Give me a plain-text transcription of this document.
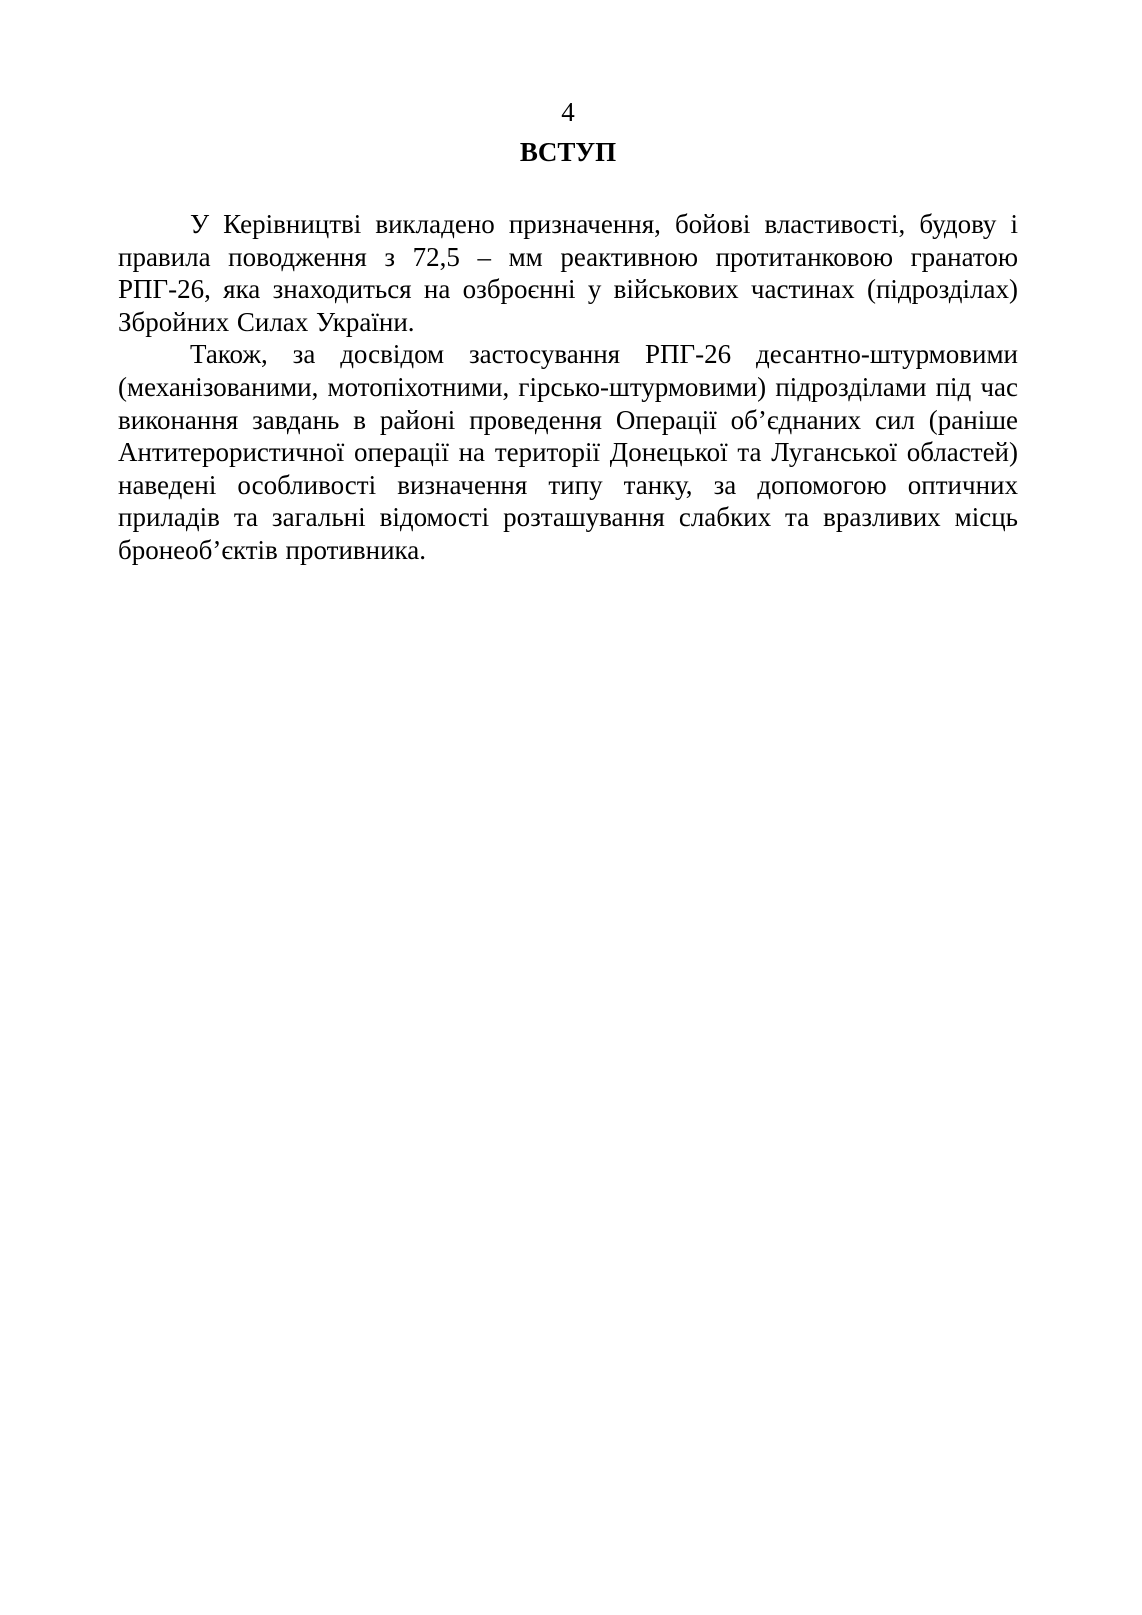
4
ВСТУП

У Керівництві викладено призначення, бойові властивості, будову і правила поводження з 72,5 – мм реактивною протитанковою гранатою РПГ-26, яка знаходиться на озброєнні у військових частинах (підрозділах) Збройних Силах України.

Також, за досвідом застосування РПГ-26 десантно-штурмовими (механізованими, мотопіхотними, гірсько-штурмовими) підрозділами під час виконання завдань в районі проведення Операції об’єднаних сил (раніше Антитерористичної операції на території Донецької та Луганської областей) наведені особливості визначення типу танку, за допомогою оптичних приладів та загальні відомості розташування слабких та вразливих місць бронеоб’єктів противника.
